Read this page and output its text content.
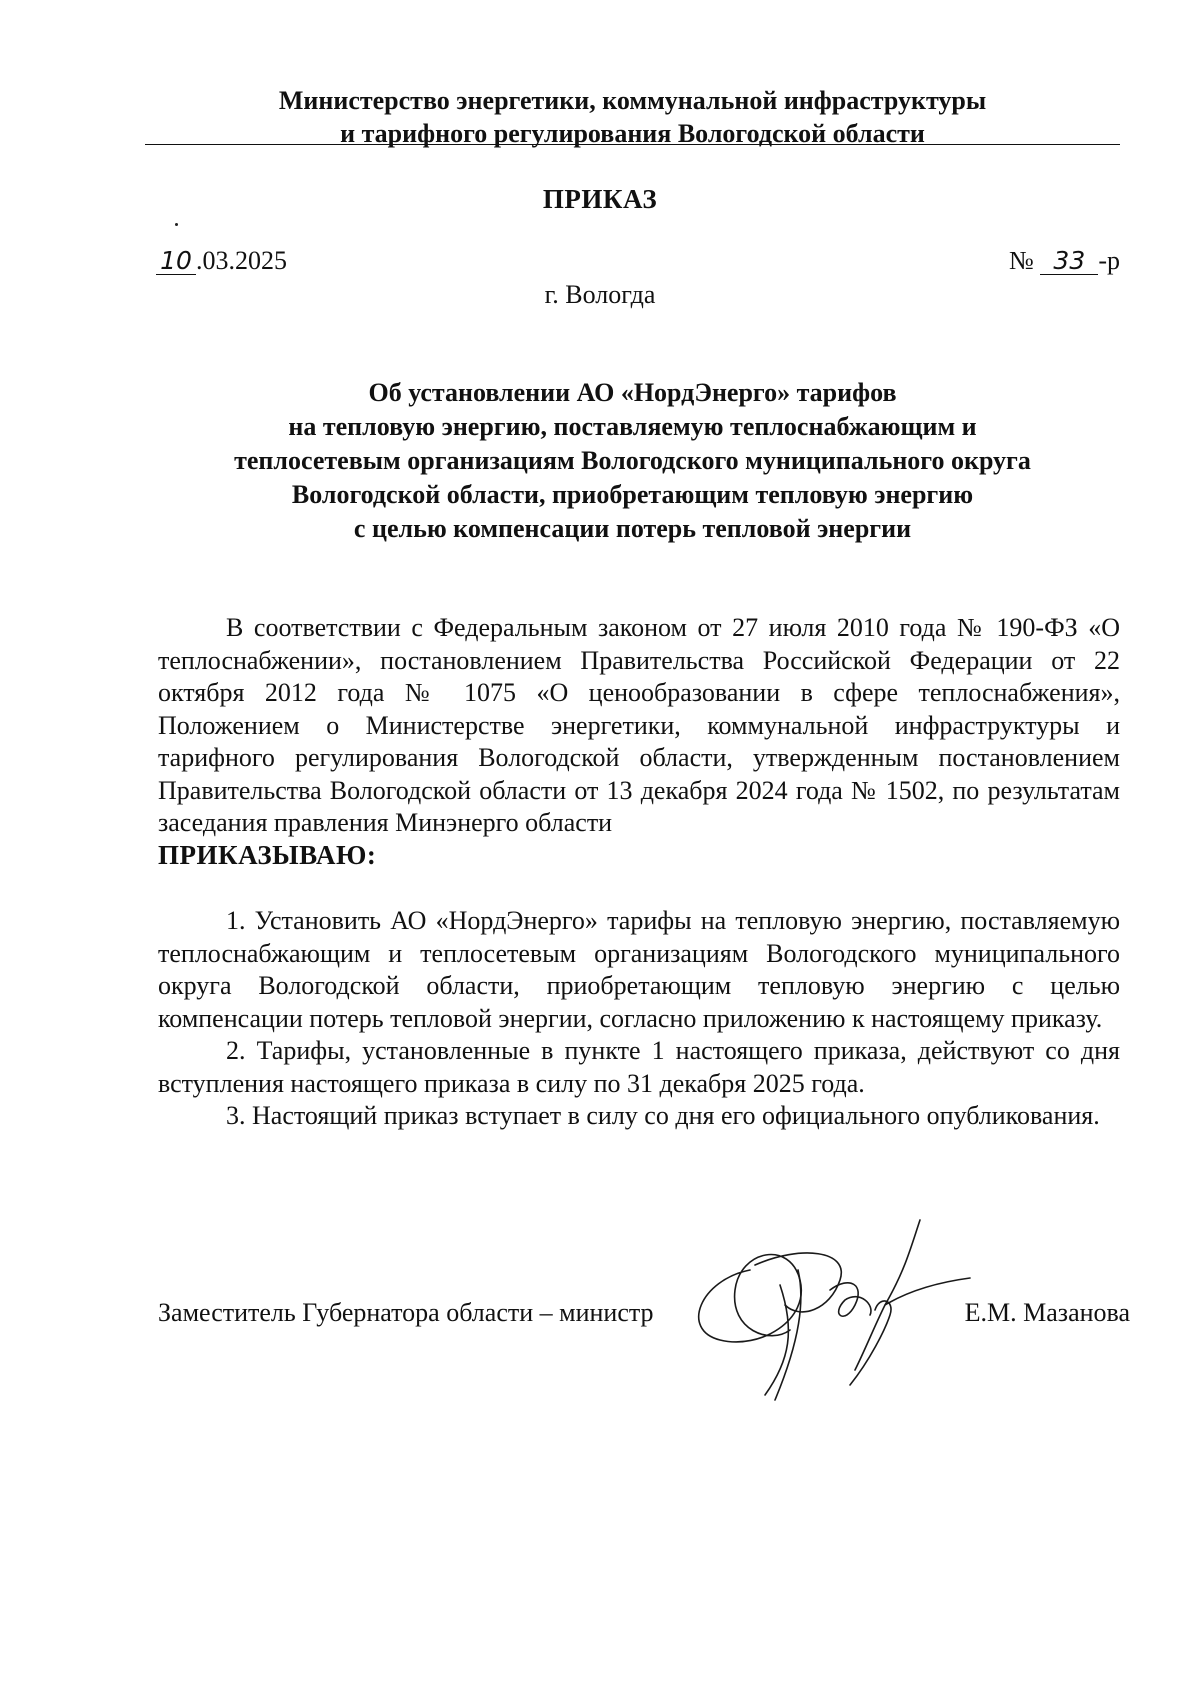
Министерство энергетики, коммунальной инфраструктуры
и тарифного регулирования Вологодской области
ПРИКАЗ
10 .03.2025	№ 33 -р
г. Вологда
Об установлении АО «НордЭнерго» тарифов
на тепловую энергию, поставляемую теплоснабжающим и
теплосетевым организациям Вологодского муниципального округа
Вологодской области, приобретающим тепловую энергию
с целью компенсации потерь тепловой энергии
В соответствии с Федеральным законом от 27 июля 2010 года № 190-ФЗ «О теплоснабжении», постановлением Правительства Российской Федерации от 22 октября 2012 года № 1075 «О ценообразовании в сфере теплоснабжения», Положением о Министерстве энергетики, коммунальной инфраструктуры и тарифного регулирования Вологодской области, утвержденным постановлением Правительства Вологодской области от 13 декабря 2024 года № 1502, по результатам заседания правления Минэнерго области
ПРИКАЗЫВАЮ:

1. Установить АО «НордЭнерго» тарифы на тепловую энергию, поставляемую теплоснабжающим и теплосетевым организациям Вологодского муниципального округа Вологодской области, приобретающим тепловую энергию с целью компенсации потерь тепловой энергии, согласно приложению к настоящему приказу.

2. Тарифы, установленные в пункте 1 настоящего приказа, действуют со дня вступления настоящего приказа в силу по 31 декабря 2025 года.

3. Настоящий приказ вступает в силу со дня его официального опубликования.

Заместитель Губернатора области – министр	Е.М. Мазанова
